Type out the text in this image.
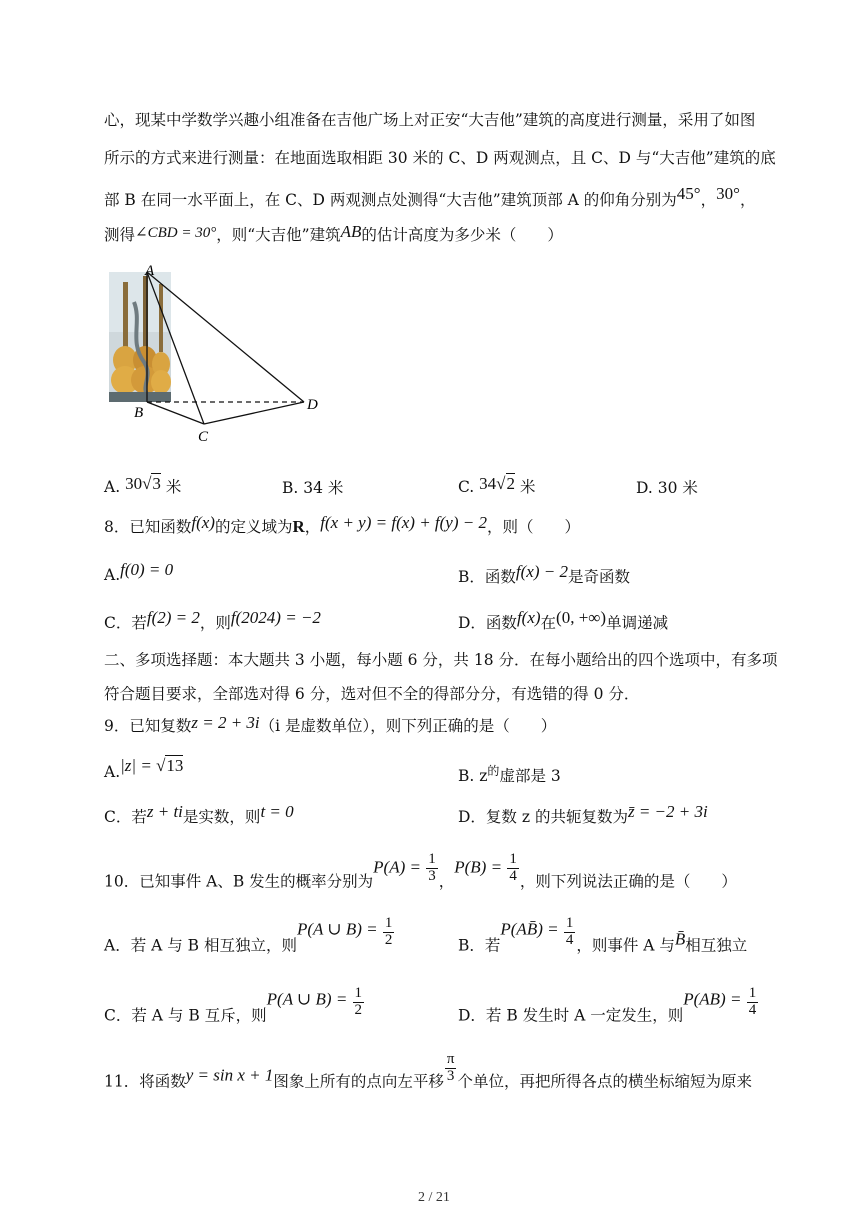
心，现某中学数学兴趣小组准备在吉他广场上对正安“大吉他”建筑的高度进行测量，采用了如图
所示的方式来进行测量：在地面选取相距 30 米的 C、D 两观测点，且 C、D 与“大吉他”建筑的底
部 B 在同一水平面上，在 C、D 两观测点处测得“大吉他”建筑顶部 A 的仰角分别为45°，30°，
测得∠CBD = 30°，则“大吉他”建筑AB的估计高度为多少米（　　）
A
B
C
D
A. 30√3 米	B. 34 米	C. 34√2 米	D. 30 米
8．已知函数f(x)的定义域为R，f(x + y) = f(x) + f(y) − 2，则（　　）
A.f(0) = 0	B．函数f(x) − 2是奇函数
C．若f(2) = 2，则f(2024) = −2	D．函数f(x)在(0, +∞)单调递减
二、多项选择题：本大题共 3 小题，每小题 6 分，共 18 分．在每小题给出的四个选项中，有多项
符合题目要求，全部选对得 6 分，选对但不全的得部分分，有选错的得 0 分．
9．已知复数z = 2 + 3i（i 是虚数单位），则下列正确的是（　　）
A.|z| = √13
B. $z^的$虚部是 3
C．若z + ti是实数，则t = 0	D．复数 z 的共轭复数为z̄ = −2 + 3i
10．已知事件 A、B 发生的概率分别为$P(A) = \frac{1}{3}$ ，$P(B) = \frac{1}{4}$ ，则下列说法正确的是（　　）
A．若 A 与 B 相互独立，则P(A ∪ $B) = \frac{1}{2}$	B．若P(AB̄) = $\frac{1}{4}$ ，则事件 A 与B̄相互独立
C．若 A 与 B 互斥，则P(A ∪ $B) = \frac{1}{2}$	D．若 B 发生时 A 一定发生，则$P(AB) = \frac{1}{4}$
11．将函数y = sin x + 1图象上所有的点向左平移 $\frac{\pi}{3}$ 个单位，再把所得各点的横坐标缩短为原来
2 / 21
